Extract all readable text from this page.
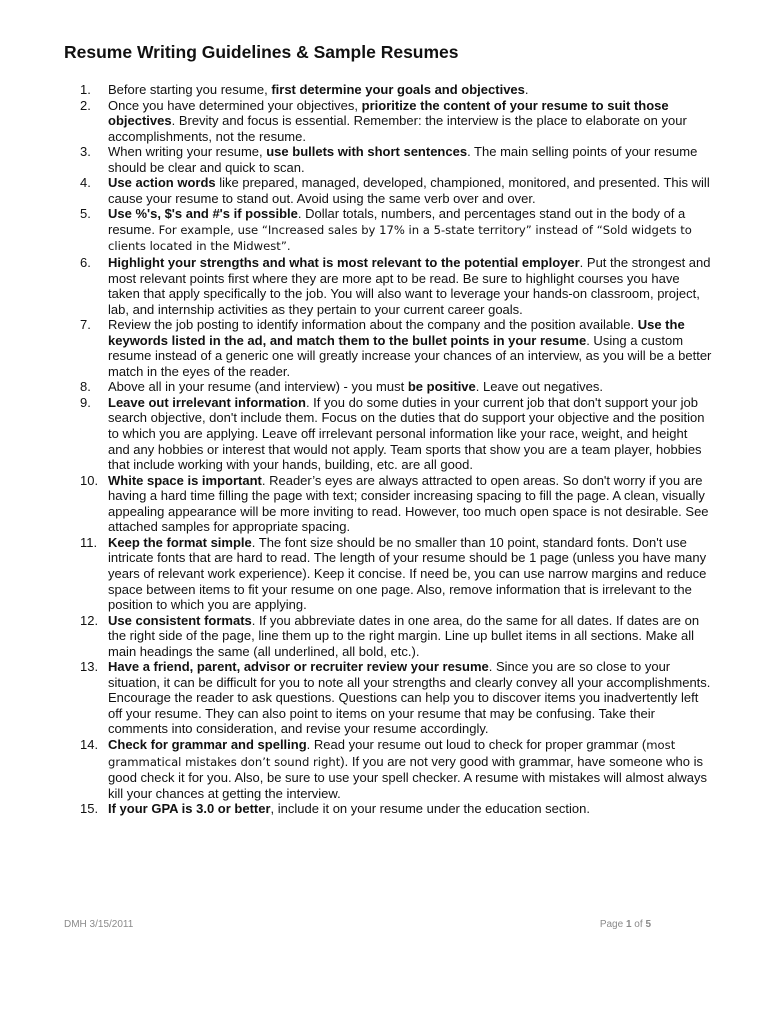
Resume Writing Guidelines & Sample Resumes
1.	Before starting you resume, first determine your goals and objectives.
2.	Once you have determined your objectives, prioritize the content of your resume to suit those objectives. Brevity and focus is essential. Remember: the interview is the place to elaborate on your accomplishments, not the resume.
3.	When writing your resume, use bullets with short sentences. The main selling points of your resume should be clear and quick to scan.
4.	Use action words like prepared, managed, developed, championed, monitored, and presented. This will cause your resume to stand out. Avoid using the same verb over and over.
5.	Use %'s, $'s and #'s if possible. Dollar totals, numbers, and percentages stand out in the body of a resume. For example, use “Increased sales by 17% in a 5-state territory” instead of “Sold widgets to clients located in the Midwest”.
6.	Highlight your strengths and what is most relevant to the potential employer. Put the strongest and most relevant points first where they are more apt to be read. Be sure to highlight courses you have taken that apply specifically to the job. You will also want to leverage your hands-on classroom, project, lab, and internship activities as they pertain to your current career goals.
7.	Review the job posting to identify information about the company and the position available. Use the keywords listed in the ad, and match them to the bullet points in your resume. Using a custom resume instead of a generic one will greatly increase your chances of an interview, as you will be a better match in the eyes of the reader.
8.	Above all in your resume (and interview) - you must be positive. Leave out negatives.
9.	Leave out irrelevant information. If you do some duties in your current job that don't support your job search objective, don't include them. Focus on the duties that do support your objective and the position to which you are applying. Leave off irrelevant personal information like your race, weight, and height and any hobbies or interest that would not apply. Team sports that show you are a team player, hobbies that include working with your hands, building, etc. are all good.
10. White space is important. Reader’s eyes are always attracted to open areas. So don't worry if you are having a hard time filling the page with text; consider increasing spacing to fill the page. A clean, visually appealing appearance will be more inviting to read. However, too much open space is not desirable. See attached samples for appropriate spacing.
11. Keep the format simple. The font size should be no smaller than 10 point, standard fonts. Don't use intricate fonts that are hard to read. The length of your resume should be 1 page (unless you have many years of relevant work experience). Keep it concise. If need be, you can use narrow margins and reduce space between items to fit your resume on one page. Also, remove information that is irrelevant to the position to which you are applying.
12. Use consistent formats. If you abbreviate dates in one area, do the same for all dates. If dates are on the right side of the page, line them up to the right margin. Line up bullet items in all sections. Make all main headings the same (all underlined, all bold, etc.).
13. Have a friend, parent, advisor or recruiter review your resume. Since you are so close to your situation, it can be difficult for you to note all your strengths and clearly convey all your accomplishments. Encourage the reader to ask questions. Questions can help you to discover items you inadvertently left off your resume. They can also point to items on your resume that may be confusing. Take their comments into consideration, and revise your resume accordingly.
14. Check for grammar and spelling. Read your resume out loud to check for proper grammar (most grammatical mistakes don’t sound right). If you are not very good with grammar, have someone who is good check it for you. Also, be sure to use your spell checker. A resume with mistakes will almost always kill your chances at getting the interview.
15. If your GPA is 3.0 or better, include it on your resume under the education section.
DMH 3/15/2011	Page 1 of 5
